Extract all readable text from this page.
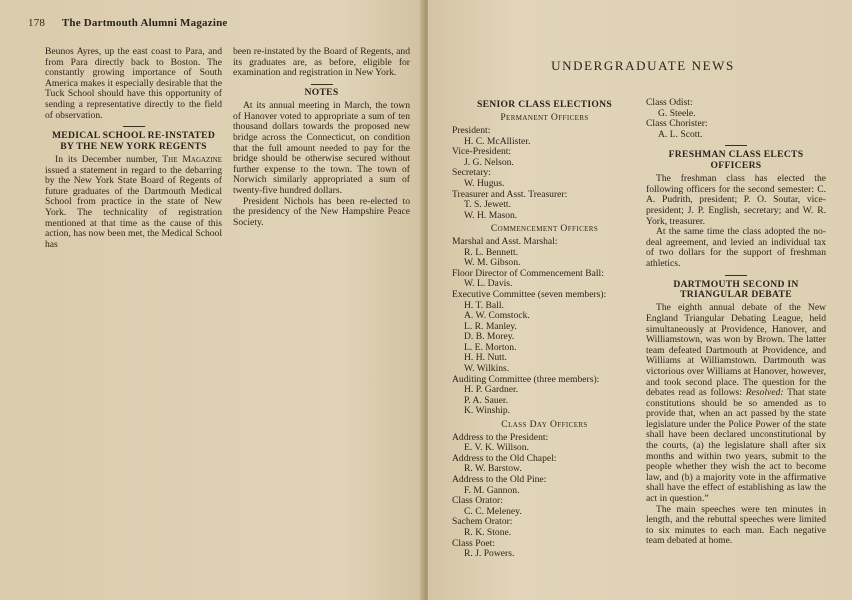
178 The Dartmouth Alumni Magazine

Beunos Ayres, up the east coast to Para, and from Para directly back to Boston. The constantly growing importance of South America makes it especially desirable that the Tuck School should have this opportunity of sending a representative directly to the field of observation.

MEDICAL SCHOOL RE-INSTATED BY THE NEW YORK REGENTS

In its December number, The Magazine issued a statement in regard to the debarring by the New York State Board of Regents of future graduates of the Dartmouth Medical School from practice in the state of New York. The technicality of registration mentioned at that time as the cause of this action, has now been met, the Medical School has

been re-instated by the Board of Regents, and its graduates are, as before, eligible for examination and registration in New York.

NOTES

At its annual meeting in March, the town of Hanover voted to appropriate a sum of ten thousand dollars towards the proposed new bridge across the Connecticut, on condition that the full amount needed to pay for the bridge should be otherwise secured without further expense to the town. The town of Norwich similarly appropriated a sum of twenty-five hundred dollars.

President Nichols has been re-elected to the presidency of the New Hampshire Peace Society.

UNDERGRADUATE NEWS
SENIOR CLASS ELECTIONS
Permanent Officers
President:
H. C. McAllister.
Vice-President:
J. G. Nelson.
Secretary:
W. Hugus.
Treasurer and Asst. Treasurer:
T. S. Jewett.
W. H. Mason.
Commencement Officers
Marshal and Asst. Marshal:
R. L. Bennett.
W. M. Gibson.
Floor Director of Commencement Ball:
W. L. Davis.
Executive Committee (seven members):
H. T. Ball.
A. W. Comstock.
L. R. Manley.
D. B. Morey.
L. E. Morton.
H. H. Nutt.
W. Wilkins.
Auditing Committee (three members):
H. P. Gardner.
P. A. Sauer.
K. Winship.
Class Day Officers
Address to the President:
E. V. K. Willson.
Address to the Old Chapel:
R. W. Barstow.
Address to the Old Pine:
F. M. Gannon.
Class Orator:
C. C. Meleney.
Sachem Orator:
R. K. Stone.
Class Poet:
R. J. Powers.
Class Odist:
G. Steele.
Class Chorister:
A. L. Scott.
FRESHMAN CLASS ELECTS OFFICERS

The freshman class has elected the following officers for the second semester: C. A. Pudrith, president; P. O. Soutar, vice-president; J. P. English, secretary; and W. R. York, treasurer.

At the same time the class adopted the no-deal agreement, and levied an individual tax of two dollars for the support of freshman athletics.

DARTMOUTH SECOND IN TRIANGULAR DEBATE

The eighth annual debate of the New England Triangular Debating League, held simultaneously at Providence, Hanover, and Williamstown, was won by Brown. The latter team defeated Dartmouth at Providence, and Williams at Williamstown. Dartmouth was victorious over Williams at Hanover, however, and took second place. The question for the debates read as follows: Resolved: That state constitutions should be so amended as to provide that, when an act passed by the state legislature under the Police Power of the state shall have been declared unconstitutional by the courts, (a) the legislature shall after six months and within two years, submit to the people whether they wish the act to become law, and (b) a majority vote in the affirmative shall have the effect of establishing as law the act in question.”

The main speeches were ten minutes in length, and the rebuttal speeches were limited to six minutes to each man. Each negative team debated at home.
